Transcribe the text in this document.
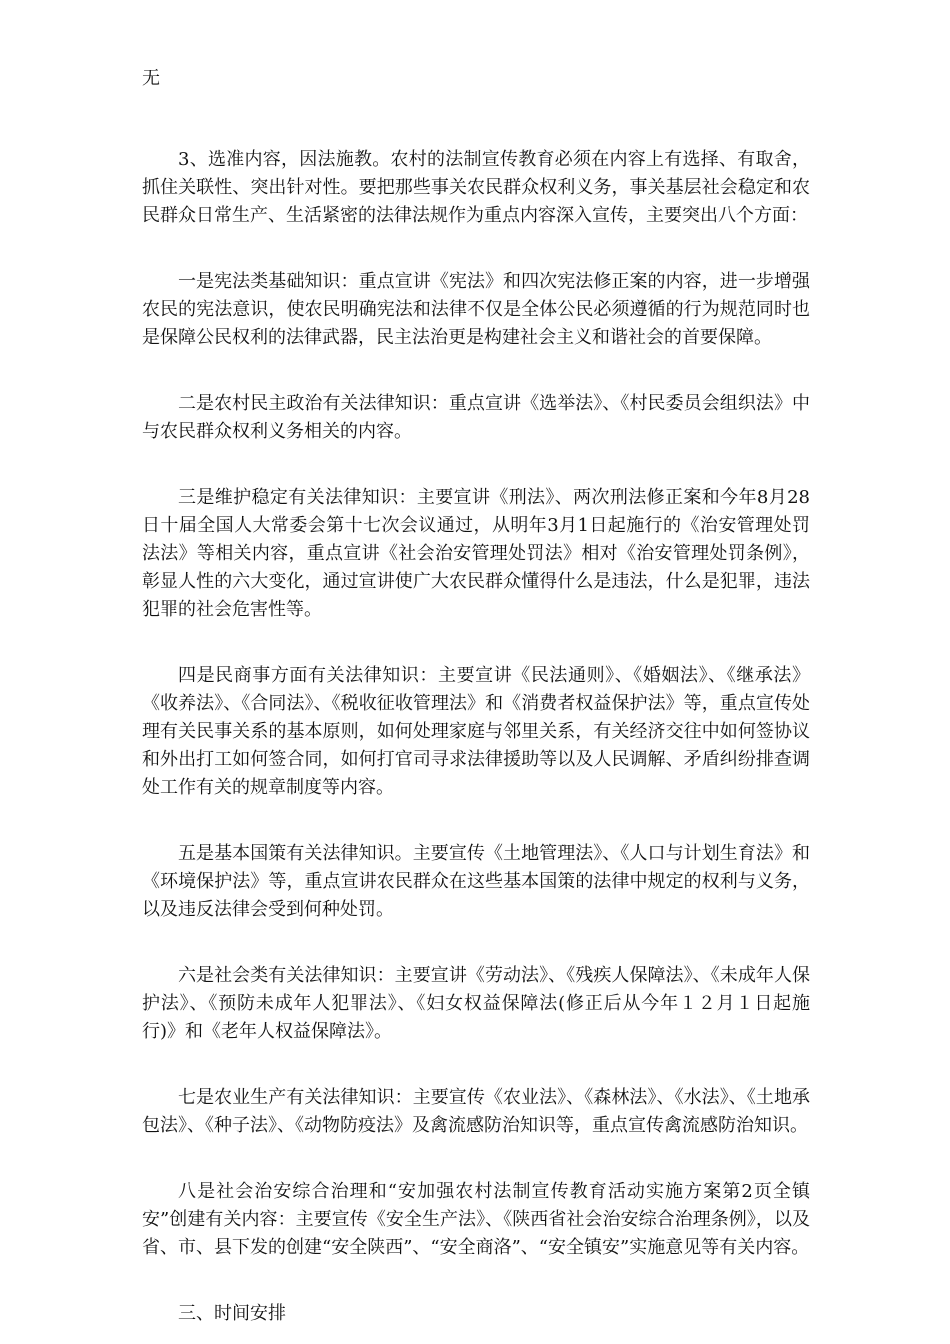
无

3、选准内容，因法施教。农村的法制宣传教育必须在内容上有选择、有取舍，抓住关联性、突出针对性。要把那些事关农民群众权利义务，事关基层社会稳定和农民群众日常生产、生活紧密的法律法规作为重点内容深入宣传，主要突出八个方面：

一是宪法类基础知识：重点宣讲《宪法》和四次宪法修正案的内容，进一步增强农民的宪法意识，使农民明确宪法和法律不仅是全体公民必须遵循的行为规范同时也是保障公民权利的法律武器，民主法治更是构建社会主义和谐社会的首要保障。

二是农村民主政治有关法律知识：重点宣讲《选举法》、《村民委员会组织法》中与农民群众权利义务相关的内容。

三是维护稳定有关法律知识：主要宣讲《刑法》、两次刑法修正案和今年8月28日十届全国人大常委会第十七次会议通过，从明年3月1日起施行的《治安管理处罚法法》等相关内容，重点宣讲《社会治安管理处罚法》相对《治安管理处罚条例》，彰显人性的六大变化，通过宣讲使广大农民群众懂得什么是违法，什么是犯罪，违法犯罪的社会危害性等。

四是民商事方面有关法律知识：主要宣讲《民法通则》、《婚姻法》、《继承法》《收养法》、《合同法》、《税收征收管理法》和《消费者权益保护法》等，重点宣传处理有关民事关系的基本原则，如何处理家庭与邻里关系，有关经济交往中如何签协议和外出打工如何签合同，如何打官司寻求法律援助等以及人民调解、矛盾纠纷排查调处工作有关的规章制度等内容。

五是基本国策有关法律知识。主要宣传《土地管理法》、《人口与计划生育法》和《环境保护法》等，重点宣讲农民群众在这些基本国策的法律中规定的权利与义务，以及违反法律会受到何种处罚。

六是社会类有关法律知识：主要宣讲《劳动法》、《残疾人保障法》、《未成年人保护法》、《预防未成年人犯罪法》、《妇女权益保障法(修正后从今年１２月１日起施行)》和《老年人权益保障法》。

七是农业生产有关法律知识：主要宣传《农业法》、《森林法》、《水法》、《土地承包法》、《种子法》、《动物防疫法》及禽流感防治知识等，重点宣传禽流感防治知识。

八是社会治安综合治理和“安加强农村法制宣传教育活动实施方案第2页全镇安”创建有关内容：主要宣传《安全生产法》、《陕西省社会治安综合治理条例》，以及省、市、县下发的创建“安全陕西”、“安全商洛”、“安全镇安”实施意见等有关内容。

三、时间安排
